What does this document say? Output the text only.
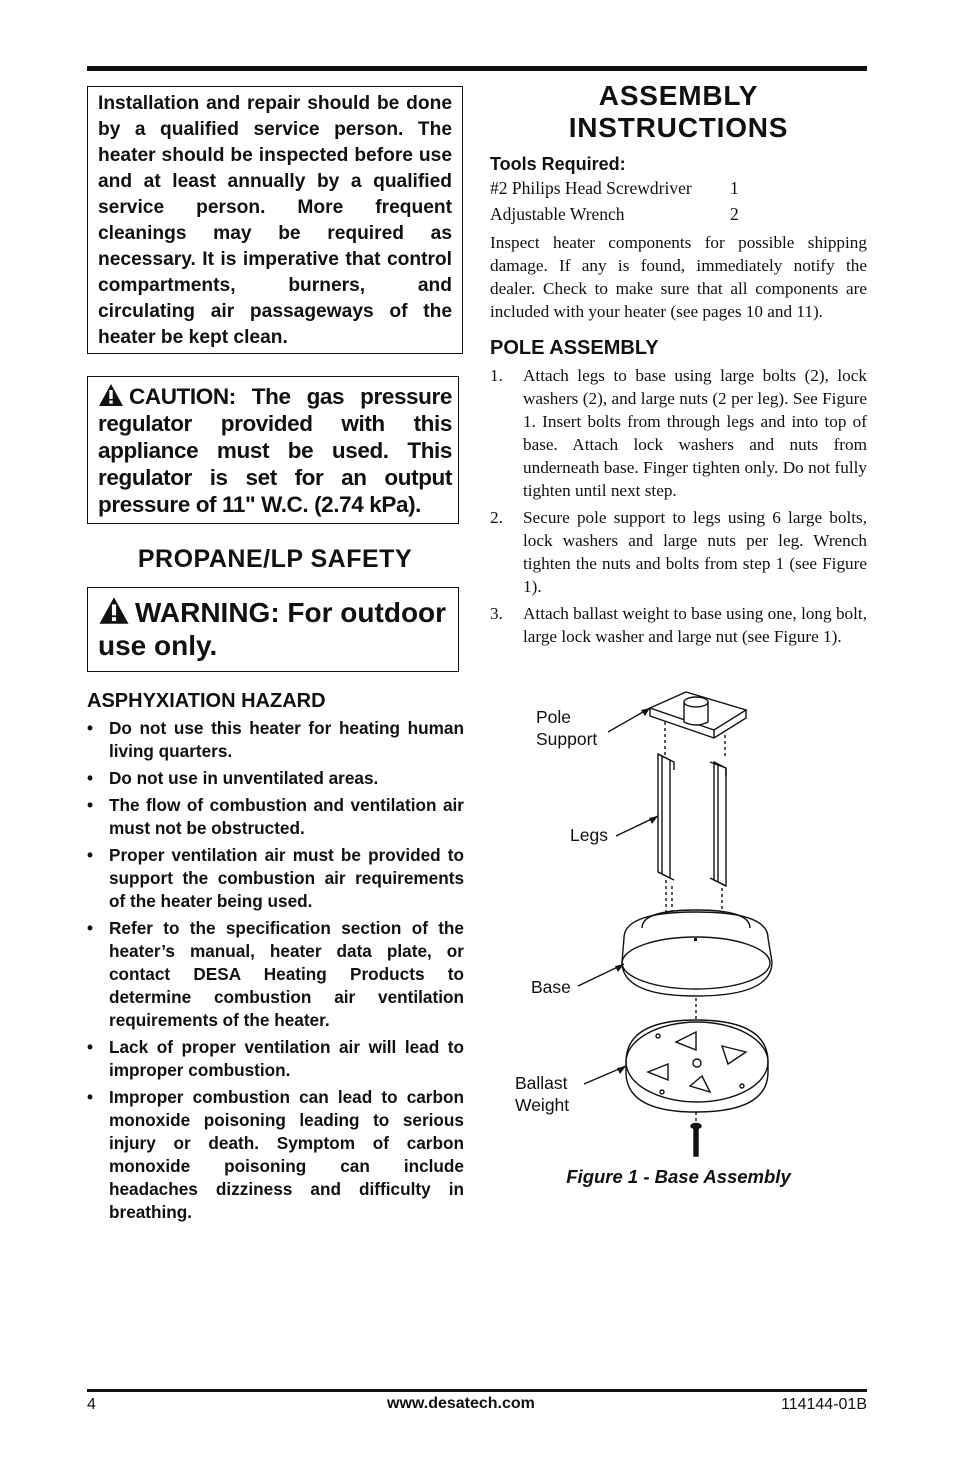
Installation and repair should be done by a qualified service person. The heater should be inspected before use and at least annually by a qualified service person. More frequent cleanings may be required as necessary. It is imperative that control compartments, burners, and circulating air passageways of the heater be kept clean.

CAUTION: The gas pressure regulator provided with this appliance must be used. This regulator is set for an output pressure of 11" W.C. (2.74 kPa).

PROPANE/LP SAFETY

WARNING: For outdoor use only.

ASPHYXIATION HAZARD
• Do not use this heater for heating human living quarters.
• Do not use in unventilated areas.
• The flow of combustion and ventilation air must not be obstructed.
• Proper ventilation air must be provided to support the combustion air requirements of the heater being used.
• Refer to the specification section of the heater’s manual, heater data plate, or contact DESA Heating Products to determine combustion air ventilation requirements of the heater.
• Lack of proper ventilation air will lead to improper combustion.
• Improper combustion can lead to carbon monoxide poisoning leading to serious injury or death. Symptom of carbon monoxide poisoning can include headaches dizziness and difficulty in breathing.
ASSEMBLY INSTRUCTIONS
Tools Required:
#2 Philips Head Screwdriver 1
Adjustable Wrench	2

Inspect heater components for possible shipping damage. If any is found, immediately notify the dealer. Check to make sure that all components are included with your heater (see pages 10 and 11).

POLE ASSEMBLY
1. Attach legs to base using large bolts (2), lock washers (2), and large nuts (2 per leg). See Figure 1. Insert bolts from through legs and into top of base. Attach lock washers and nuts from underneath base. Finger tighten only. Do not fully tighten until next step.
2. Secure pole support to legs using 6 large bolts, lock washers and large nuts per leg. Wrench tighten the nuts and bolts from step 1 (see Figure 1).
3. Attach ballast weight to base using one, long bolt, large lock washer and large nut (see Figure 1).
Pole
Support
Legs
Base
Ballast
Weight

Figure 1 - Base Assembly

4	www.desatech.com	114144-01B
